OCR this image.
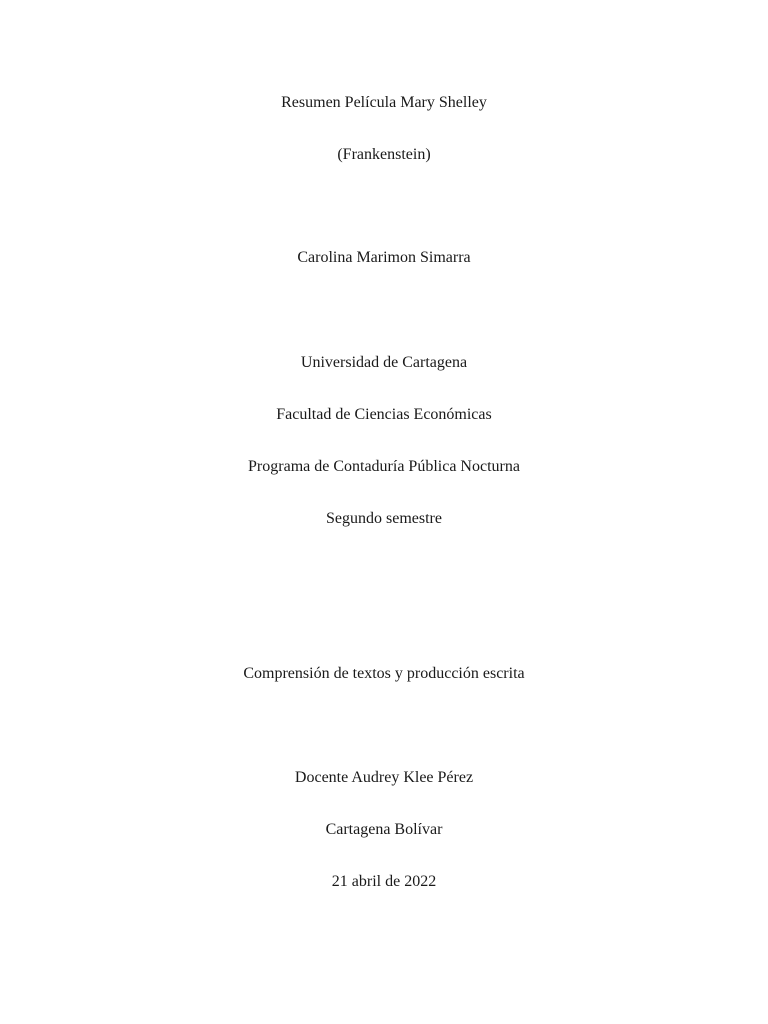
Resumen Película Mary Shelley
(Frankenstein)
Carolina Marimon Simarra
Universidad de Cartagena
Facultad de Ciencias Económicas
Programa de Contaduría Pública Nocturna
Segundo semestre
Comprensión de textos y producción escrita
Docente Audrey Klee Pérez
Cartagena Bolívar
21 abril de 2022
